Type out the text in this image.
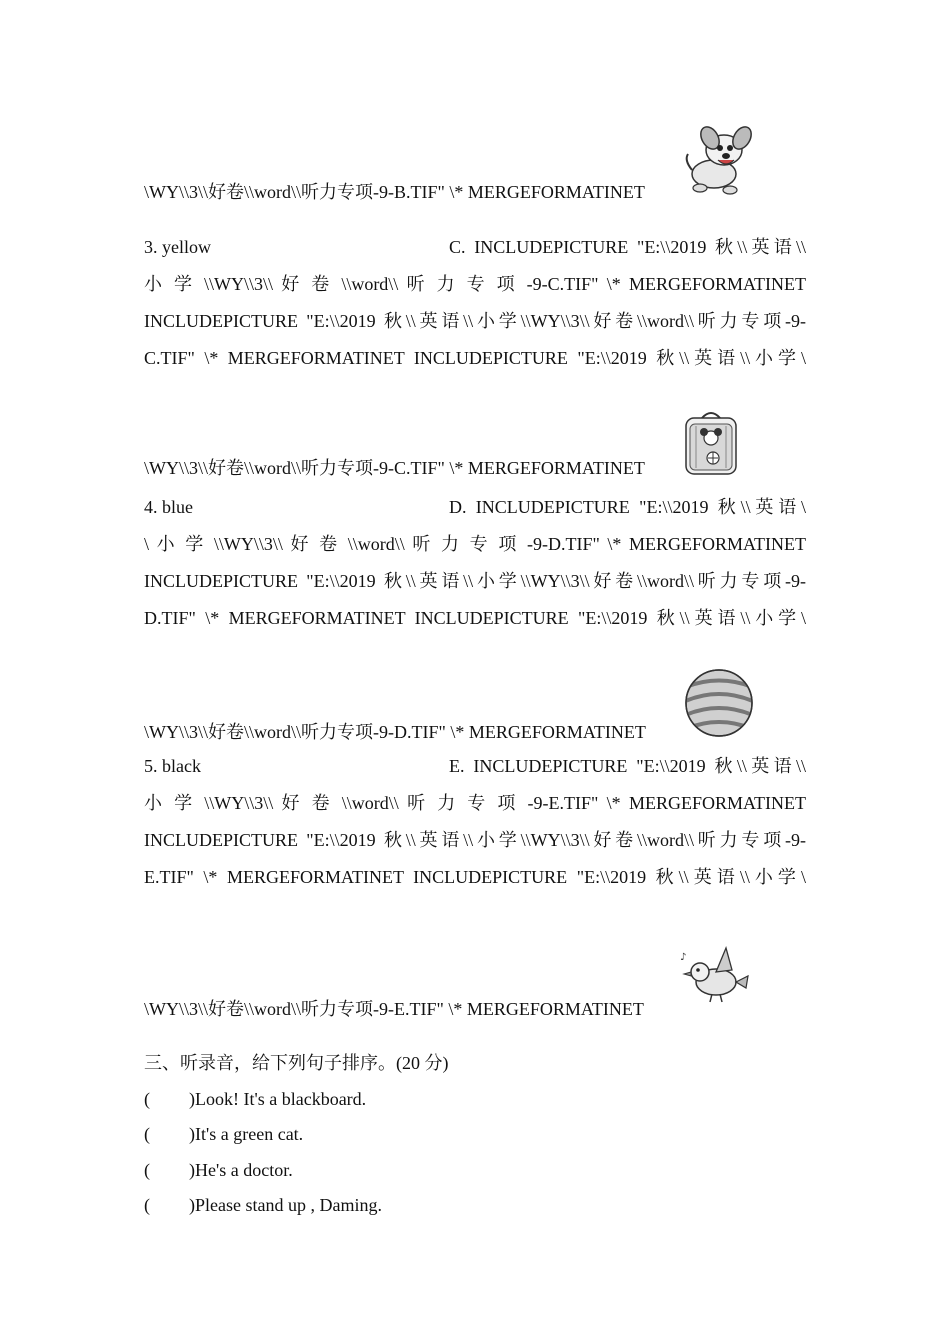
\WY\\3\\好卷\\word\\听力专项-9-B.TIF" \* MERGEFORMATINET
3. yellow	C. INCLUDEPICTURE "E:\\2019 秋\\英语\\
小 学 \\WY\\3\\ 好 卷 \\word\\ 听 力 专 项 -9-C.TIF" \* MERGEFORMATINET
INCLUDEPICTURE "E:\\2019 秋\\英语\\小学\\WY\\3\\好卷\\word\\听力专项-9-
C.TIF" \* MERGEFORMATINET INCLUDEPICTURE "E:\\2019 秋\\英语\\小学\
\WY\\3\\好卷\\word\\听力专项-9-C.TIF" \* MERGEFORMATINET
4. blue	D. INCLUDEPICTURE "E:\\2019 秋\\英语\
\ 小 学 \\WY\\3\\ 好 卷 \\word\\ 听 力 专 项 -9-D.TIF" \* MERGEFORMATINET
INCLUDEPICTURE "E:\\2019 秋\\英语\\小学\\WY\\3\\好卷\\word\\听力专项-9-
D.TIF" \* MERGEFORMATINET INCLUDEPICTURE "E:\\2019 秋\\英语\\小学\
\WY\\3\\好卷\\word\\听力专项-9-D.TIF" \* MERGEFORMATINET
5. black	E. INCLUDEPICTURE "E:\\2019 秋\\英语\\
小 学 \\WY\\3\\ 好 卷 \\word\\ 听 力 专 项 -9-E.TIF" \* MERGEFORMATINET
INCLUDEPICTURE "E:\\2019 秋\\英语\\小学\\WY\\3\\好卷\\word\\听力专项-9-
E.TIF" \* MERGEFORMATINET INCLUDEPICTURE "E:\\2019 秋\\英语\\小学\
\WY\\3\\好卷\\word\\听力专项-9-E.TIF" \* MERGEFORMATINET
♪
三、听录音，给下列句子排序。(20 分)
( )Look! It's a blackboard.
( )It's a green cat.
( )He's a doctor.
( )Please stand up , Daming.
